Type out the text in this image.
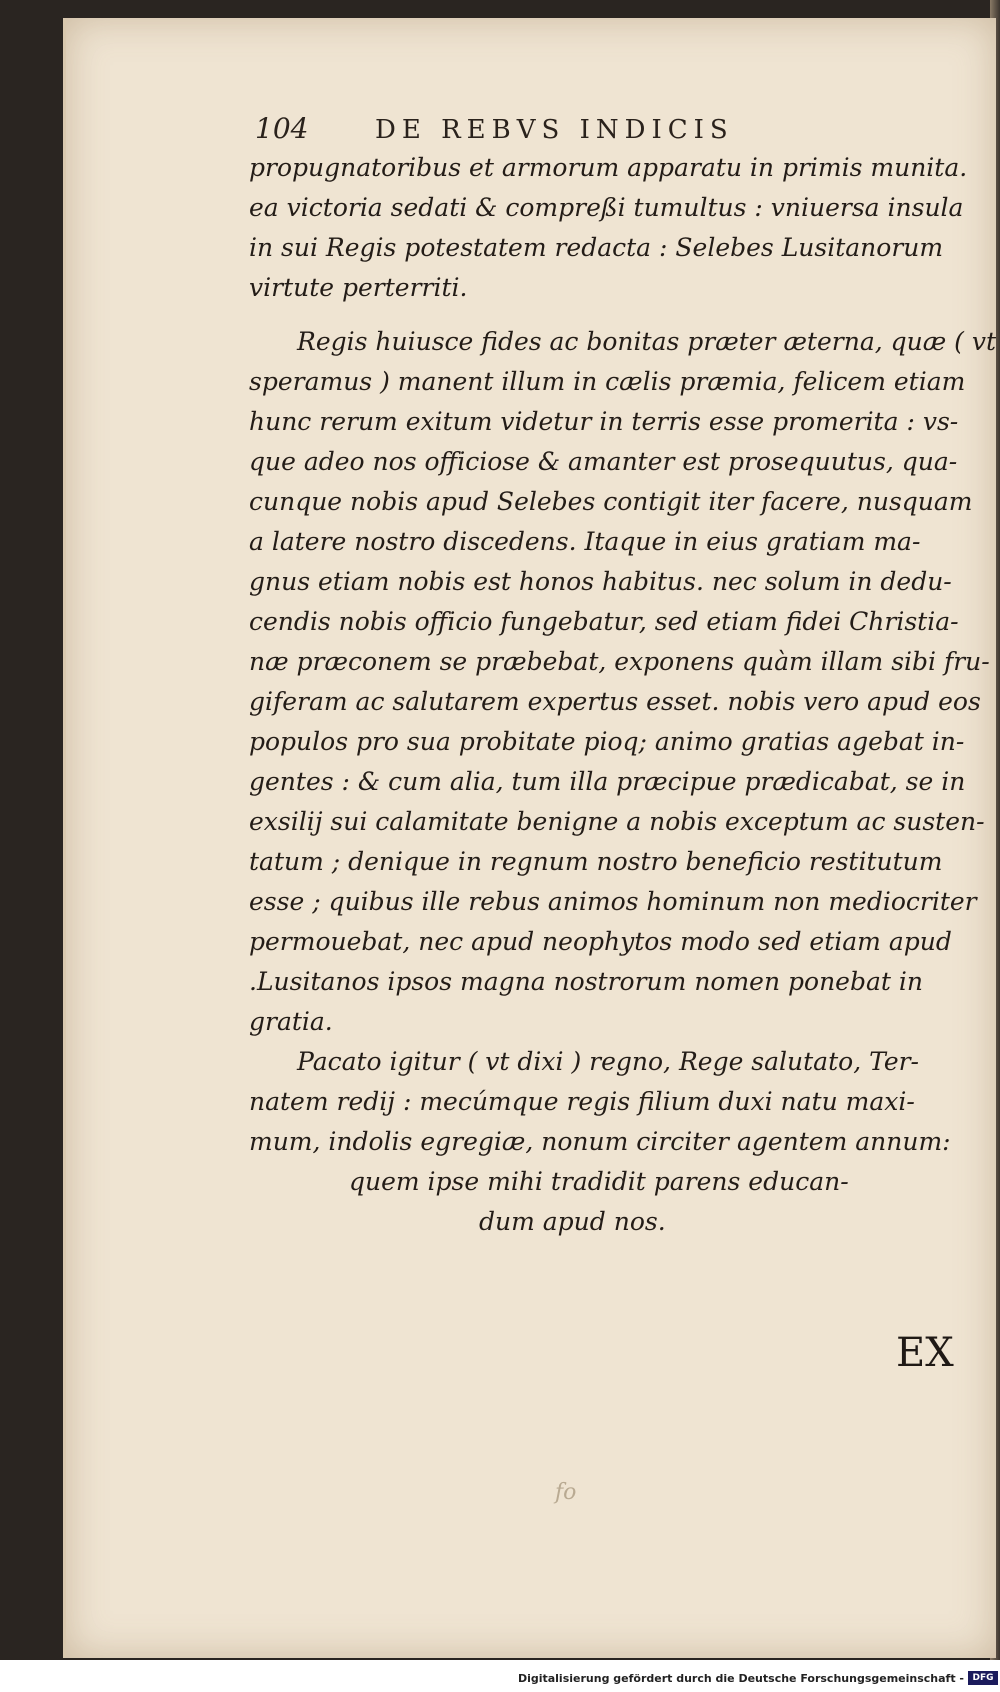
104	DE REBVS INDICIS
propugnatoribus et armorum apparatu in primis munita.
ea victoria sedati & compreßi tumultus : vniuersa insula
in sui Regis potestatem redacta : Selebes Lusitanorum
virtute perterriti.
Regis huiusce fides ac bonitas præter æterna, quæ ( vt
speramus ) manent illum in cælis præmia, felicem etiam
hunc rerum exitum videtur in terris esse promerita : vs-
que adeo nos officiose & amanter est prosequutus, qua-
cunque nobis apud Selebes contigit iter facere, nusquam
a latere nostro discedens. Itaque in eius gratiam ma-
gnus etiam nobis est honos habitus. nec solum in dedu-
cendis nobis officio fungebatur, sed etiam fidei Christia-
næ præconem se præbebat, exponens quàm illam sibi fru-
giferam ac salutarem expertus esset. nobis vero apud eos
populos pro sua probitate pioq; animo gratias agebat in-
gentes : & cum alia, tum illa præcipue prædicabat, se in
exsilij sui calamitate benigne a nobis exceptum ac susten-
tatum ; denique in regnum nostro beneficio restitutum
esse ; quibus ille rebus animos hominum non mediocriter
permouebat, nec apud neophytos modo sed etiam apud
.Lusitanos ipsos magna nostrorum nomen ponebat in
gratia.
Pacato igitur ( vt dixi ) regno, Rege salutato, Ter-
natem redij : mecúmque regis filium duxi natu maxi-
mum, indolis egregiæ, nonum circiter agentem annum:
quem ipse mihi tradidit parens educan-
dum apud nos.
EX
fo
Digitalisierung gefördert durch die Deutsche Forschungsgemeinschaft - DFG
